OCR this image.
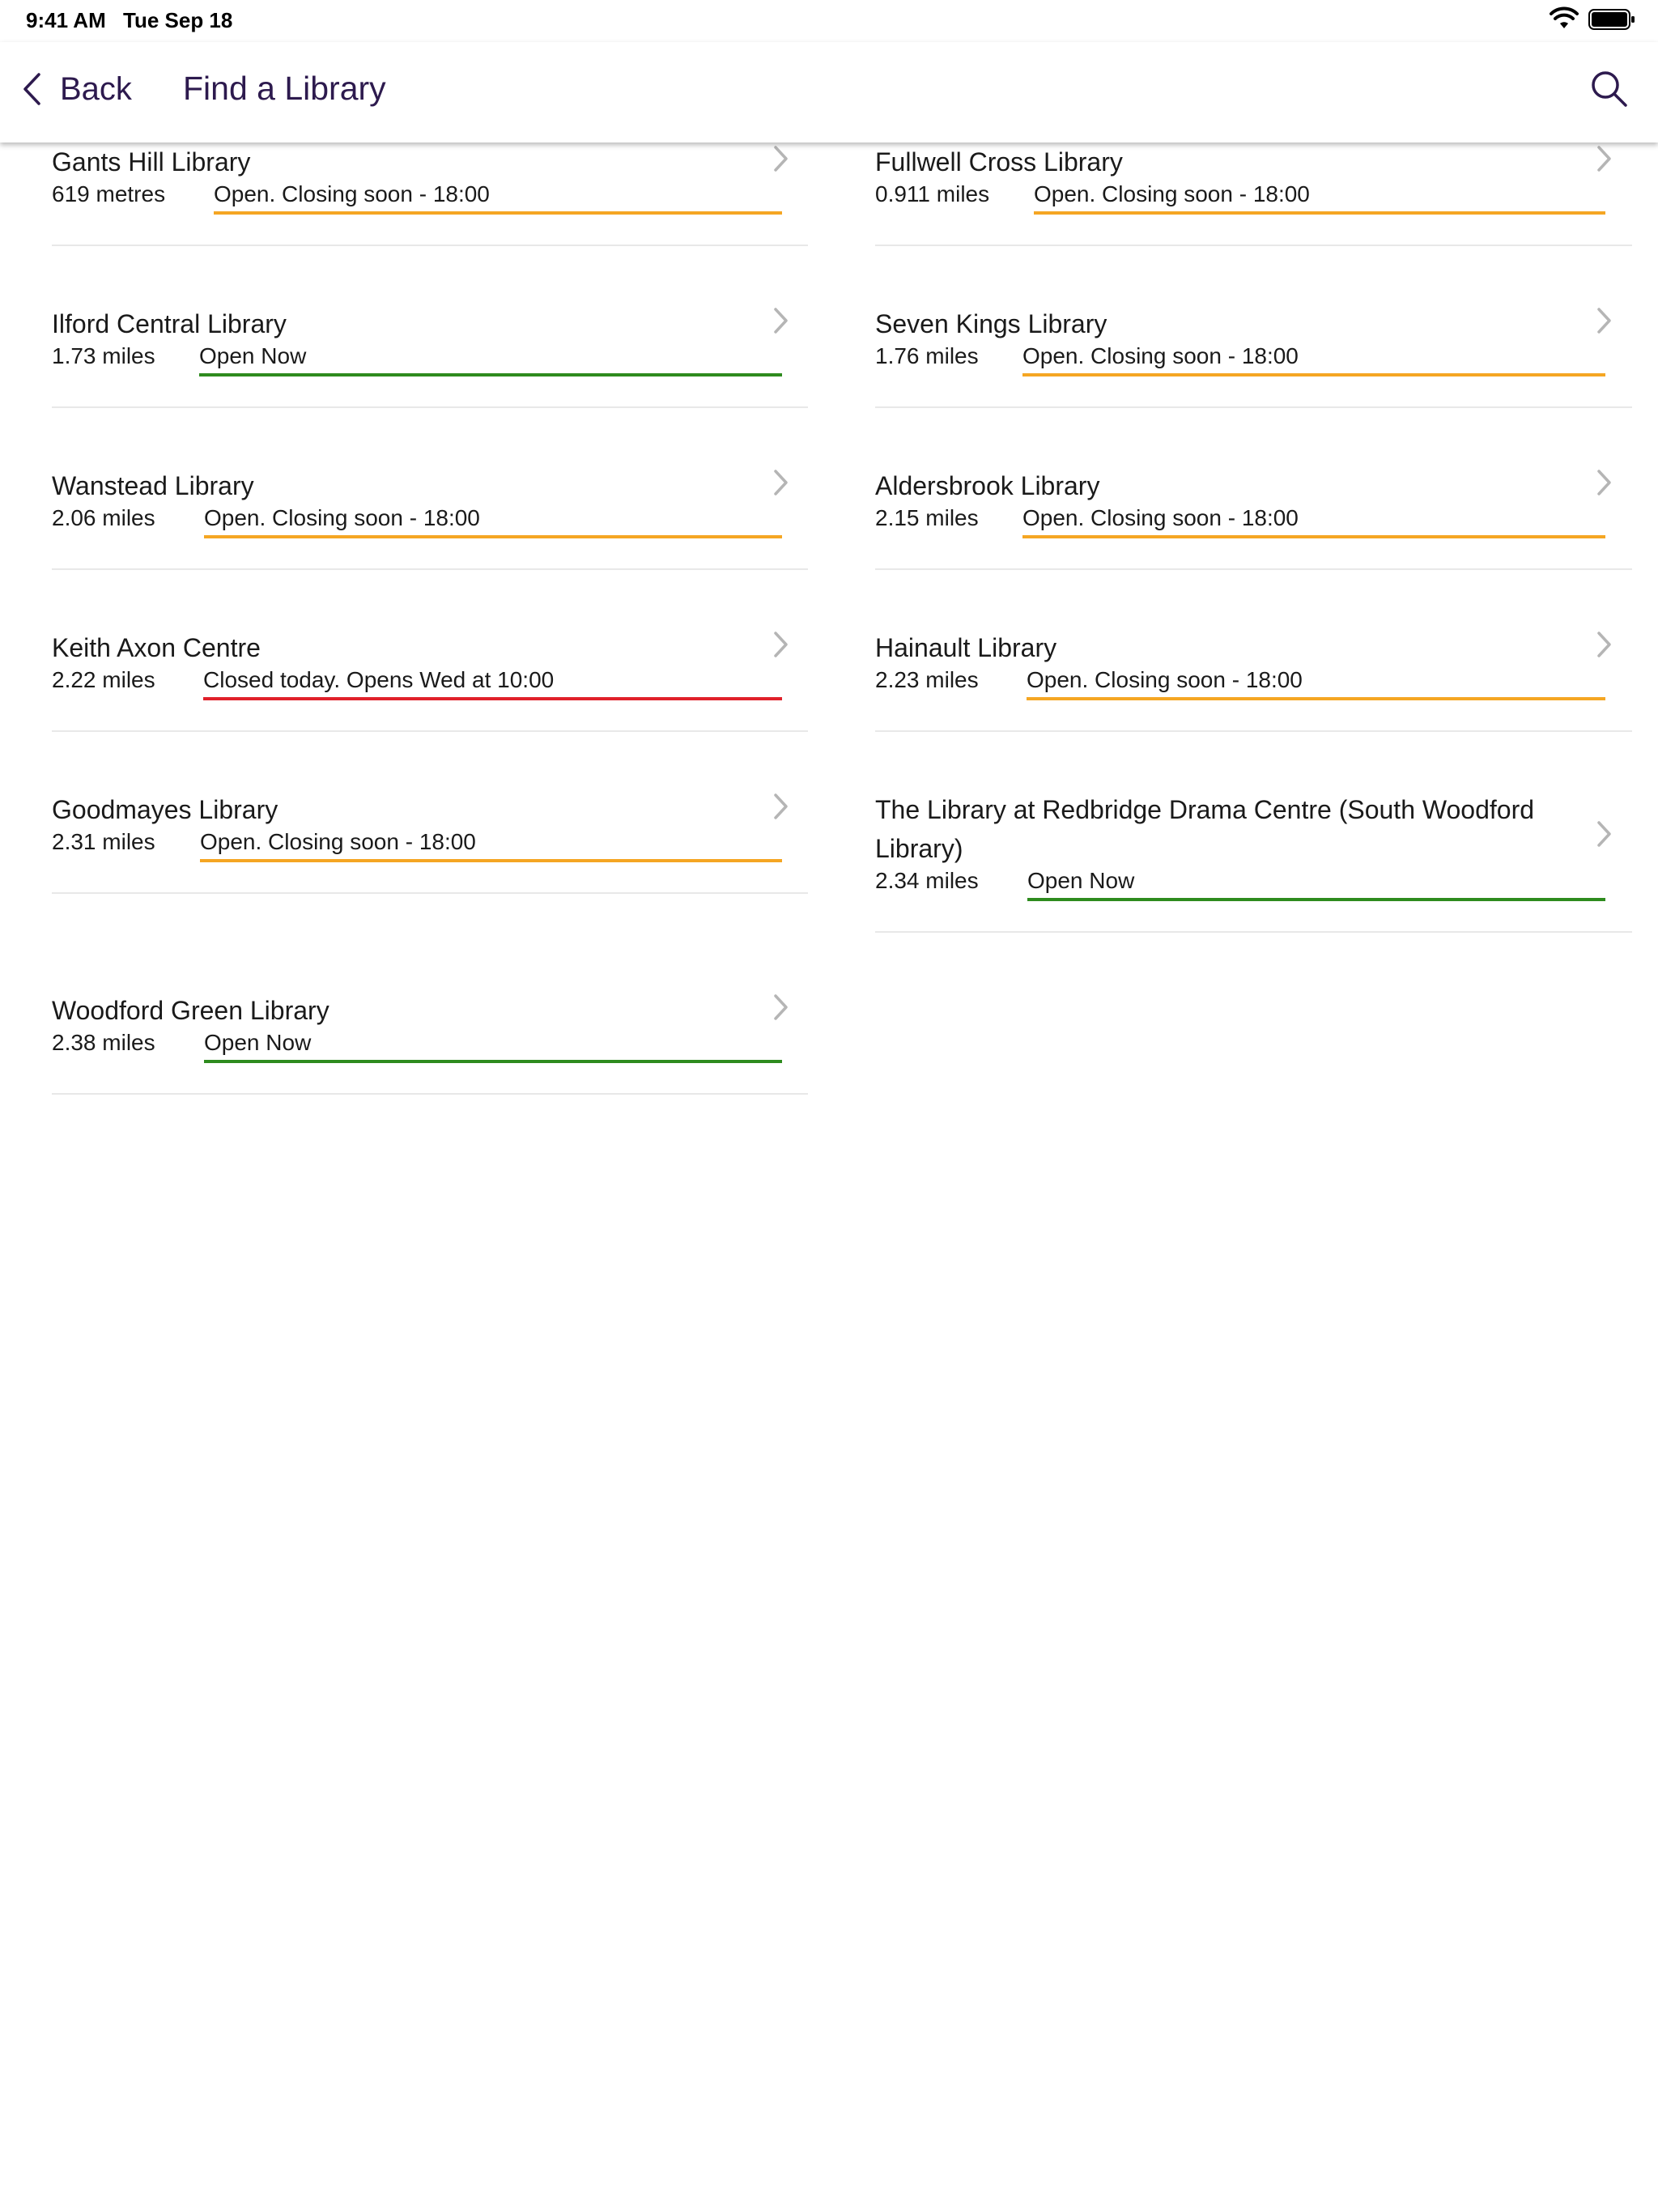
9:41 AM Tue Sep 18
Back Find a Library
Gants Hill Library
619 metres Open. Closing soon - 18:00
Fullwell Cross Library
0.911 miles Open. Closing soon - 18:00
Ilford Central Library
1.73 miles Open Now
Seven Kings Library
1.76 miles Open. Closing soon - 18:00
Wanstead Library
2.06 miles Open. Closing soon - 18:00
Aldersbrook Library
2.15 miles Open. Closing soon - 18:00
Keith Axon Centre
2.22 miles Closed today. Opens Wed at 10:00
Hainault Library
2.23 miles Open. Closing soon - 18:00
Goodmayes Library
2.31 miles Open. Closing soon - 18:00
The Library at Redbridge Drama Centre (South Woodford
Library)
2.34 miles Open Now
Woodford Green Library
2.38 miles Open Now
